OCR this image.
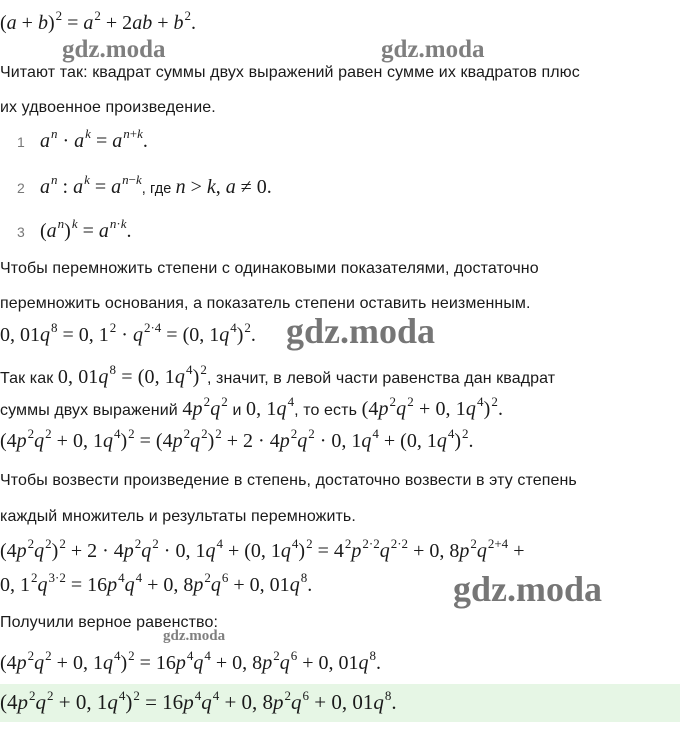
$(a + b)^2 = a^2 + 2ab + b^2$.
gdz.moda	gdz.moda
Читают так: квадрат суммы двух выражений равен сумме их квадратов плюс
их удвоенное произведение.
1 $a^n \cdot a^k = a^{n+k}$.
2 $a^n$ : $a^k = a^{n-k}$, где n > k, a ≠ 0.
3 $(a^n)^k = a^{n\cdot k}$.
Чтобы перемножить степени с одинаковыми показателями, достаточно
перемножить основания, а показатель степени оставить неизменным.
0, $01q^8 = 0$, $1^2 \cdot q^{2\cdot 4} = (0$, $1q^4)^2$. gdz.moda
Так как 0, $01q^8 = (0$, $1q^4)^2$, значит, в левой части равенства дан квадрат
суммы двух выражений $4p^2q^2$ и 0, $1q^4$, то есть ($4p^2q^2 + 0$, $1q^4)^2$.
($4p^2q^2 + 0$, $1q^4)^2 = (4p^2q^2)^2 + 2 \cdot 4p^2q^2 \cdot 0$, $1q^4 + (0$, $1q^4)^2$.
Чтобы возвести произведение в степень, достаточно возвести в эту степень
каждый множитель и результаты перемножить.
$(4p^2q^2)^2 + 2 \cdot 4p^2q^2 \cdot 0$, $1q^4 + (0$, $1q^4)^2 = 4^2p^{2\cdot 2}q^{2\cdot 2} + 0$, $8p^2q^{2+4}$ +
0, $1^2q^{3\cdot 2} = 16p^4q^4 + 0$, $8p^2q^6 + 0$, $01q^8$.	gdz.moda
Получили верное равенство:
gdz.moda
($4p^2q^2 + 0$, $1q^4)^2 = 16p^4q^4 + 0$, $8p^2q^6 + 0$, $01q^8$.
($4p^2q^2 + 0$, $1q^4)^2 = 16p^4q^4 + 0$, $8p^2q^6 + 0$, $01q^8$.
